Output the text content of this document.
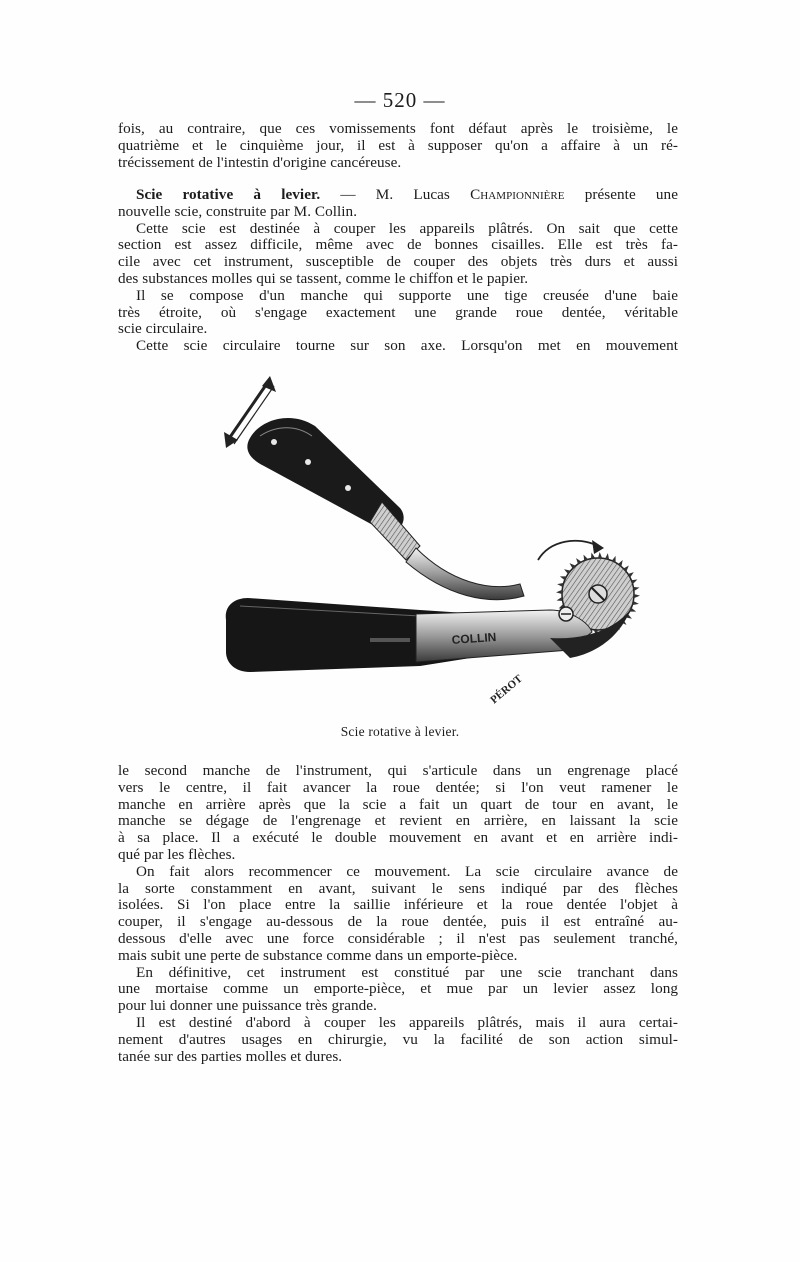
— 520 —

fois, au contraire, que ces vomissements font défaut après le troisième, le
quatrième et le cinquième jour, il est à supposer qu'on a affaire à un ré-
trécissement de l'intestin d'origine cancéreuse.

Scie rotative à levier. — M. Lucas Championnière présente une
nouvelle scie, construite par M. Collin.

Cette scie est destinée à couper les appareils plâtrés. On sait que cette
section est assez difficile, même avec de bonnes cisailles. Elle est très fa-
cile avec cet instrument, susceptible de couper des objets très durs et aussi
des substances molles qui se tassent, comme le chiffon et le papier.

Il se compose d'un manche qui supporte une tige creusée d'une baie
très étroite, où s'engage exactement une grande roue dentée, véritable
scie circulaire.

Cette scie circulaire tourne sur son axe. Lorsqu'on met en mouvement

COLLIN
PÉROT
Scie rotative à levier.

le second manche de l'instrument, qui s'articule dans un engrenage placé
vers le centre, il fait avancer la roue dentée; si l'on veut ramener le
manche en arrière après que la scie a fait un quart de tour en avant, le
manche se dégage de l'engrenage et revient en arrière, en laissant la scie
à sa place. Il a exécuté le double mouvement en avant et en arrière indi-
qué par les flèches.

On fait alors recommencer ce mouvement. La scie circulaire avance de
la sorte constamment en avant, suivant le sens indiqué par des flèches
isolées. Si l'on place entre la saillie inférieure et la roue dentée l'objet à
couper, il s'engage au-dessous de la roue dentée, puis il est entraîné au-
dessous d'elle avec une force considérable ; il n'est pas seulement tranché,
mais subit une perte de substance comme dans un emporte-pièce.

En définitive, cet instrument est constitué par une scie tranchant dans
une mortaise comme un emporte-pièce, et mue par un levier assez long
pour lui donner une puissance très grande.

Il est destiné d'abord à couper les appareils plâtrés, mais il aura certai-
nement d'autres usages en chirurgie, vu la facilité de son action simul-
tanée sur des parties molles et dures.
